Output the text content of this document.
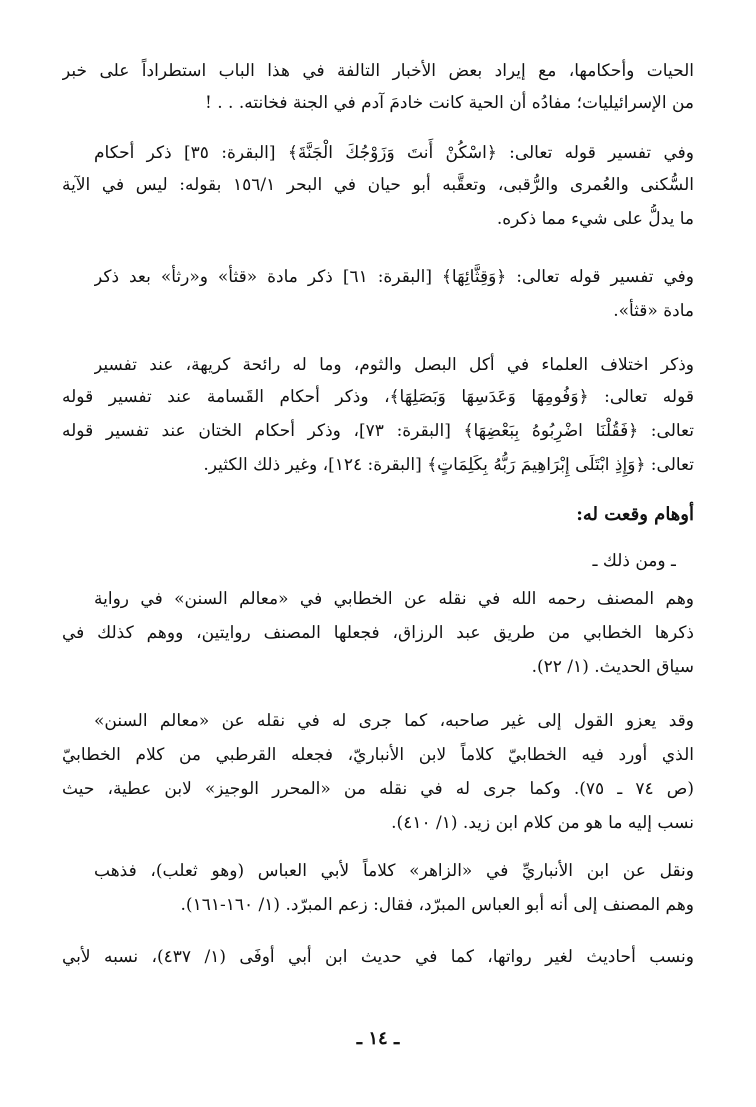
الحيات وأحكامها، مع إيراد بعض الأخبار التالفة في هذا الباب استطراداً على خبر
من الإسرائيليات؛ مفادُه أن الحية كانت خادمَ آدم في الجنة فخانته. . . !
وفي تفسير قوله تعالى: ﴿اسْكُنْ أَنتَ وَزَوْجُكَ الْجَنَّةَ﴾ [البقرة: ٣٥] ذكر أحكام
السُّكنى والعُمرى والرُّقبى، وتعقَّبه أبو حيان في البحر ١٥٦/١ بقوله: ليس في الآية
ما يدلُّ على شيء مما ذكره.
وفي تفسير قوله تعالى: ﴿وَقِثَّائِهَا﴾ [البقرة: ٦١] ذكر مادة «قثأ» و«رثأ» بعد ذكر
مادة «قثأ».
وذكر اختلاف العلماء في أكل البصل والثوم، وما له رائحة كريهة، عند تفسير
قوله تعالى: ﴿وَفُومِهَا وَعَدَسِهَا وَبَصَلِهَا﴾، وذكر أحكام القَسامة عند تفسير قوله
تعالى: ﴿فَقُلْنَا اضْرِبُوهُ بِبَعْضِهَا﴾ [البقرة: ٧٣]، وذكر أحكام الختان عند تفسير قوله
تعالى: ﴿وَإِذِ ابْتَلَى إِبْرَاهِيمَ رَبُّهُ بِكَلِمَاتٍ﴾ [البقرة: ١٢٤]، وغير ذلك الكثير.
أوهام وقعت له:
ـ ومن ذلك ـ
وهم المصنف رحمه الله في نقله عن الخطابي في «معالم السنن» في رواية
ذكرها الخطابي من طريق عبد الرزاق، فجعلها المصنف روايتين، ووهم كذلك في
سياق الحديث. (١/ ٢٢).
وقد يعزو القول إلى غير صاحبه، كما جرى له في نقله عن «معالم السنن»
الذي أورد فيه الخطابيّ كلاماً لابن الأنباريّ، فجعله القرطبي من كلام الخطابيّ
(ص ٧٤ ـ ٧٥). وكما جرى له في نقله من «المحرر الوجيز» لابن عطية، حيث
نسب إليه ما هو من كلام ابن زيد. (١/ ٤١٠).
ونقل عن ابن الأنباريِّ في «الزاهر» كلاماً لأبي العباس (وهو ثعلب)، فذهب
وهم المصنف إلى أنه أبو العباس المبرّد، فقال: زعم المبرّد. (١/ ١٦٠-١٦١).
ونسب أحاديث لغير رواتها، كما في حديث ابن أبي أوفَى (١/ ٤٣٧)، نسبه لأبي
ـ ١٤ ـ
